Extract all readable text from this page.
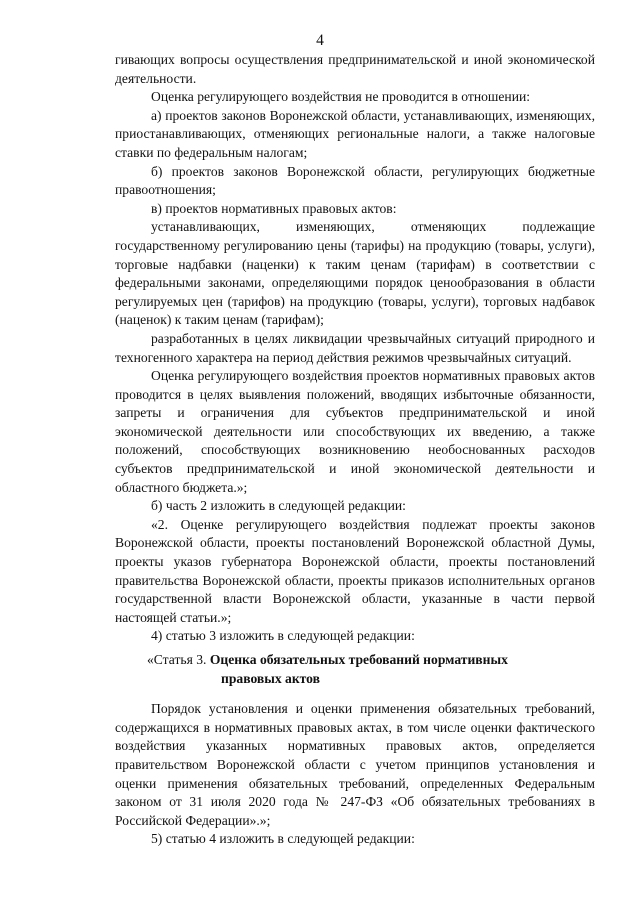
4

гивающих вопросы осуществления предпринимательской и иной экономической деятельности.

Оценка регулирующего воздействия не проводится в отношении:

а) проектов законов Воронежской области, устанавливающих, изменяющих, приостанавливающих, отменяющих региональные налоги, а также налоговые ставки по федеральным налогам;

б) проектов законов Воронежской области, регулирующих бюджетные правоотношения;

в) проектов нормативных правовых актов:

устанавливающих, изменяющих, отменяющих подлежащие государственному регулированию цены (тарифы) на продукцию (товары, услуги), торговые надбавки (наценки) к таким ценам (тарифам) в соответствии с федеральными законами, определяющими порядок ценообразования в области регулируемых цен (тарифов) на продукцию (товары, услуги), торговых надбавок (наценок) к таким ценам (тарифам);

разработанных в целях ликвидации чрезвычайных ситуаций природного и техногенного характера на период действия режимов чрезвычайных ситуаций.

Оценка регулирующего воздействия проектов нормативных правовых актов проводится в целях выявления положений, вводящих избыточные обязанности, запреты и ограничения для субъектов предпринимательской и иной экономической деятельности или способствующих их введению, а также положений, способствующих возникновению необоснованных расходов субъектов предпринимательской и иной экономической деятельности и областного бюджета.»;

б) часть 2 изложить в следующей редакции:

«2. Оценке регулирующего воздействия подлежат проекты законов Воронежской области, проекты постановлений Воронежской областной Думы, проекты указов губернатора Воронежской области, проекты постановлений правительства Воронежской области, проекты приказов исполнительных органов государственной власти Воронежской области, указанные в части первой настоящей статьи.»;

4) статью 3 изложить в следующей редакции:

«Статья 3. Оценка обязательных требований нормативных
правовых актов

Порядок установления и оценки применения обязательных требований, содержащихся в нормативных правовых актах, в том числе оценки фактического воздействия указанных нормативных правовых актов, определяется правительством Воронежской области с учетом принципов установления и оценки применения обязательных требований, определенных Федеральным законом от 31 июля 2020 года № 247-ФЗ «Об обязательных требованиях в Российской Федерации».»;

5) статью 4 изложить в следующей редакции:
